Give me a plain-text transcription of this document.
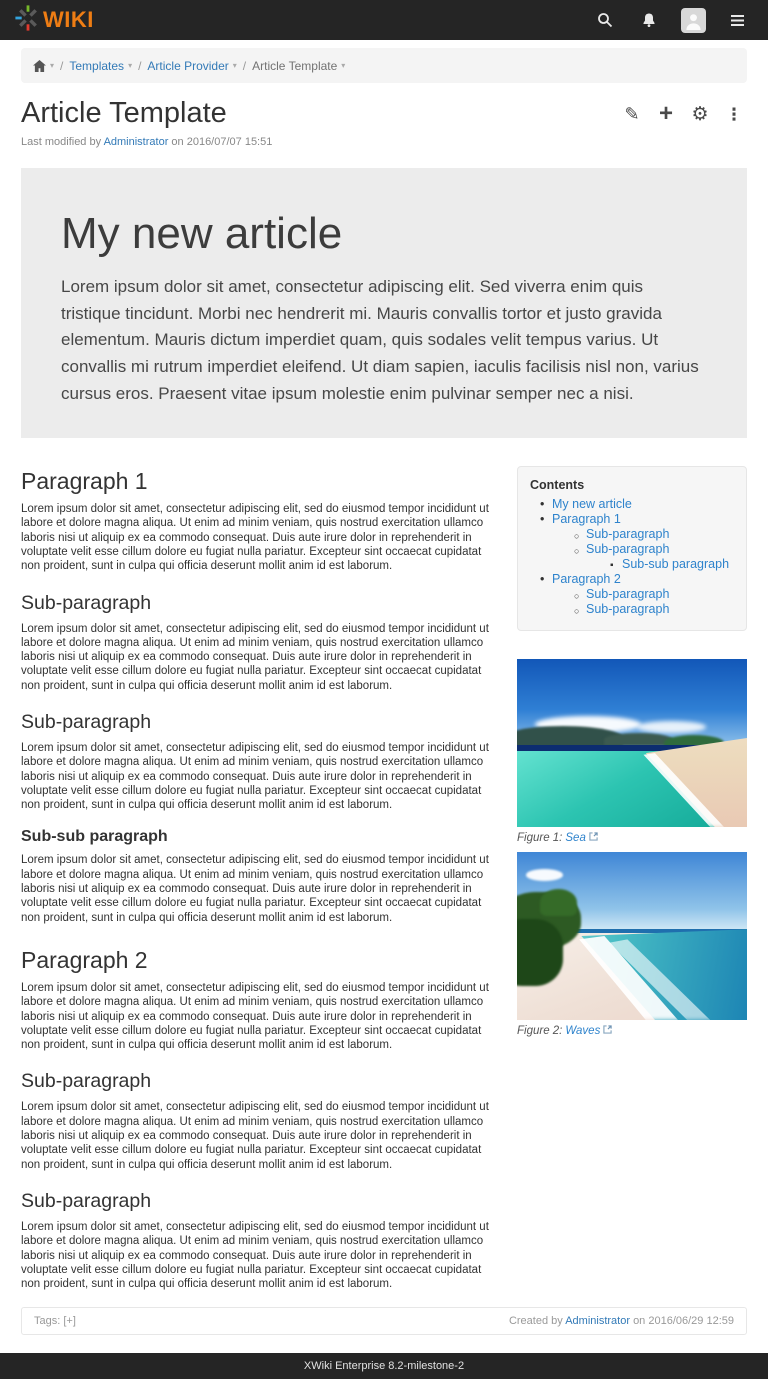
WIKI
▾ / Templates ▾ / Article Provider ▾ / Article Template ▾
Article Template	✎ + ⚙ ⋮
Last modified by Administrator on 2016/07/07 15:51
My new article

Lorem ipsum dolor sit amet, consectetur adipiscing elit. Sed viverra enim quis tristique tincidunt. Morbi nec hendrerit mi. Mauris convallis tortor et justo gravida elementum. Mauris dictum imperdiet quam, quis sodales velit tempus varius. Ut convallis mi rutrum imperdiet eleifend. Ut diam sapien, iaculis facilisis nisl non, varius cursus eros. Praesent vitae ipsum molestie enim pulvinar semper nec a nisi.

Paragraph 1

Lorem ipsum dolor sit amet, consectetur adipiscing elit, sed do eiusmod tempor incididunt ut labore et dolore magna aliqua. Ut enim ad minim veniam, quis nostrud exercitation ullamco laboris nisi ut aliquip ex ea commodo consequat. Duis aute irure dolor in reprehenderit in voluptate velit esse cillum dolore eu fugiat nulla pariatur. Excepteur sint occaecat cupidatat non proident, sunt in culpa qui officia deserunt mollit anim id est laborum.

Sub-paragraph

Lorem ipsum dolor sit amet, consectetur adipiscing elit, sed do eiusmod tempor incididunt ut labore et dolore magna aliqua. Ut enim ad minim veniam, quis nostrud exercitation ullamco laboris nisi ut aliquip ex ea commodo consequat. Duis aute irure dolor in reprehenderit in voluptate velit esse cillum dolore eu fugiat nulla pariatur. Excepteur sint occaecat cupidatat non proident, sunt in culpa qui officia deserunt mollit anim id est laborum.

Sub-paragraph

Lorem ipsum dolor sit amet, consectetur adipiscing elit, sed do eiusmod tempor incididunt ut labore et dolore magna aliqua. Ut enim ad minim veniam, quis nostrud exercitation ullamco laboris nisi ut aliquip ex ea commodo consequat. Duis aute irure dolor in reprehenderit in voluptate velit esse cillum dolore eu fugiat nulla pariatur. Excepteur sint occaecat cupidatat non proident, sunt in culpa qui officia deserunt mollit anim id est laborum.

Sub-sub paragraph

Lorem ipsum dolor sit amet, consectetur adipiscing elit, sed do eiusmod tempor incididunt ut labore et dolore magna aliqua. Ut enim ad minim veniam, quis nostrud exercitation ullamco laboris nisi ut aliquip ex ea commodo consequat. Duis aute irure dolor in reprehenderit in voluptate velit esse cillum dolore eu fugiat nulla pariatur. Excepteur sint occaecat cupidatat non proident, sunt in culpa qui officia deserunt mollit anim id est laborum.

Paragraph 2

Lorem ipsum dolor sit amet, consectetur adipiscing elit, sed do eiusmod tempor incididunt ut labore et dolore magna aliqua. Ut enim ad minim veniam, quis nostrud exercitation ullamco laboris nisi ut aliquip ex ea commodo consequat. Duis aute irure dolor in reprehenderit in voluptate velit esse cillum dolore eu fugiat nulla pariatur. Excepteur sint occaecat cupidatat non proident, sunt in culpa qui officia deserunt mollit anim id est laborum.

Sub-paragraph

Lorem ipsum dolor sit amet, consectetur adipiscing elit, sed do eiusmod tempor incididunt ut labore et dolore magna aliqua. Ut enim ad minim veniam, quis nostrud exercitation ullamco laboris nisi ut aliquip ex ea commodo consequat. Duis aute irure dolor in reprehenderit in voluptate velit esse cillum dolore eu fugiat nulla pariatur. Excepteur sint occaecat cupidatat non proident, sunt in culpa qui officia deserunt mollit anim id est laborum.

Sub-paragraph

Lorem ipsum dolor sit amet, consectetur adipiscing elit, sed do eiusmod tempor incididunt ut labore et dolore magna aliqua. Ut enim ad minim veniam, quis nostrud exercitation ullamco laboris nisi ut aliquip ex ea commodo consequat. Duis aute irure dolor in reprehenderit in voluptate velit esse cillum dolore eu fugiat nulla pariatur. Excepteur sint occaecat cupidatat non proident, sunt in culpa qui officia deserunt mollit anim id est laborum.

Contents
• My new article
• Paragraph 1
○ Sub-paragraph
○ Sub-paragraph
▪ Sub-sub paragraph
• Paragraph 2
○ Sub-paragraph
○ Sub-paragraph
Figure 1: Sea
Figure 2: Waves
Tags: [+]	Created by Administrator on 2016/06/29 12:59
XWiki Enterprise 8.2-milestone-2
